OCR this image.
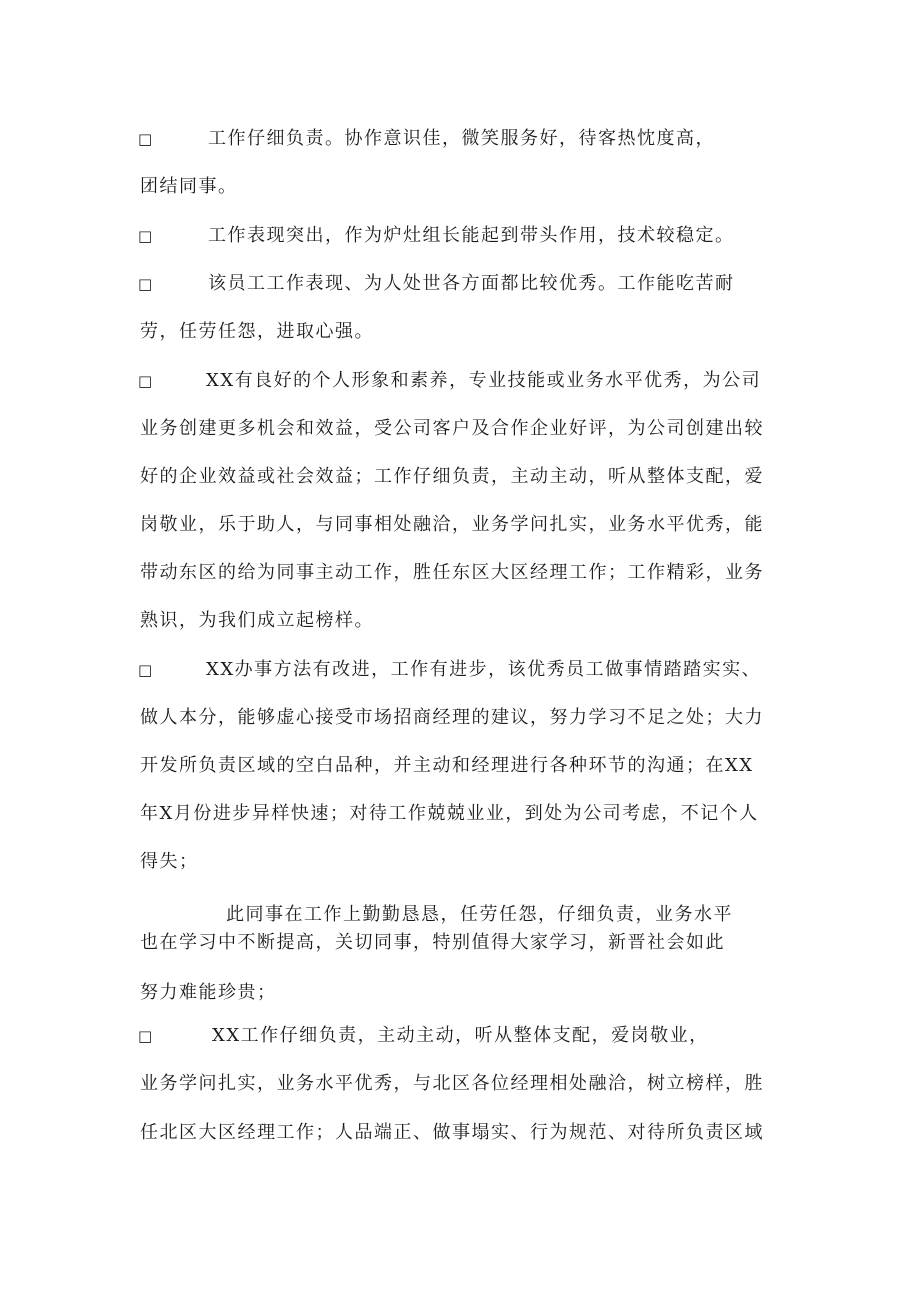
□	工作仔细负责。协作意识佳，微笑服务好，待客热忱度高，
团结同事。
□	工作表现突出，作为炉灶组长能起到带头作用，技术较稳定。
□	该员工工作表现、为人处世各方面都比较优秀。工作能吃苦耐
劳，任劳任怨，进取心强。
□	XX有良好的个人形象和素养，专业技能或业务水平优秀，为公司
业务创建更多机会和效益，受公司客户及合作企业好评，为公司创建出较
好的企业效益或社会效益；工作仔细负责，主动主动，听从整体支配，爱
岗敬业，乐于助人，与同事相处融洽，业务学问扎实，业务水平优秀，能
带动东区的给为同事主动工作，胜任东区大区经理工作；工作精彩，业务
熟识，为我们成立起榜样。
□	XX办事方法有改进，工作有进步，该优秀员工做事情踏踏实实、
做人本分，能够虚心接受市场招商经理的建议，努力学习不足之处；大力
开发所负责区域的空白品种，并主动和经理进行各种环节的沟通；在XX
年X月份进步异样快速；对待工作兢兢业业，到处为公司考虑，不记个人
得失；
此同事在工作上勤勤恳恳，任劳任怨，仔细负责，业务水平
也在学习中不断提高，关切同事，特别值得大家学习，新晋社会如此
努力难能珍贵；
□	XX工作仔细负责，主动主动，听从整体支配，爱岗敬业，
业务学问扎实，业务水平优秀，与北区各位经理相处融洽，树立榜样，胜
任北区大区经理工作；人品端正、做事塌实、行为规范、对待所负责区域
